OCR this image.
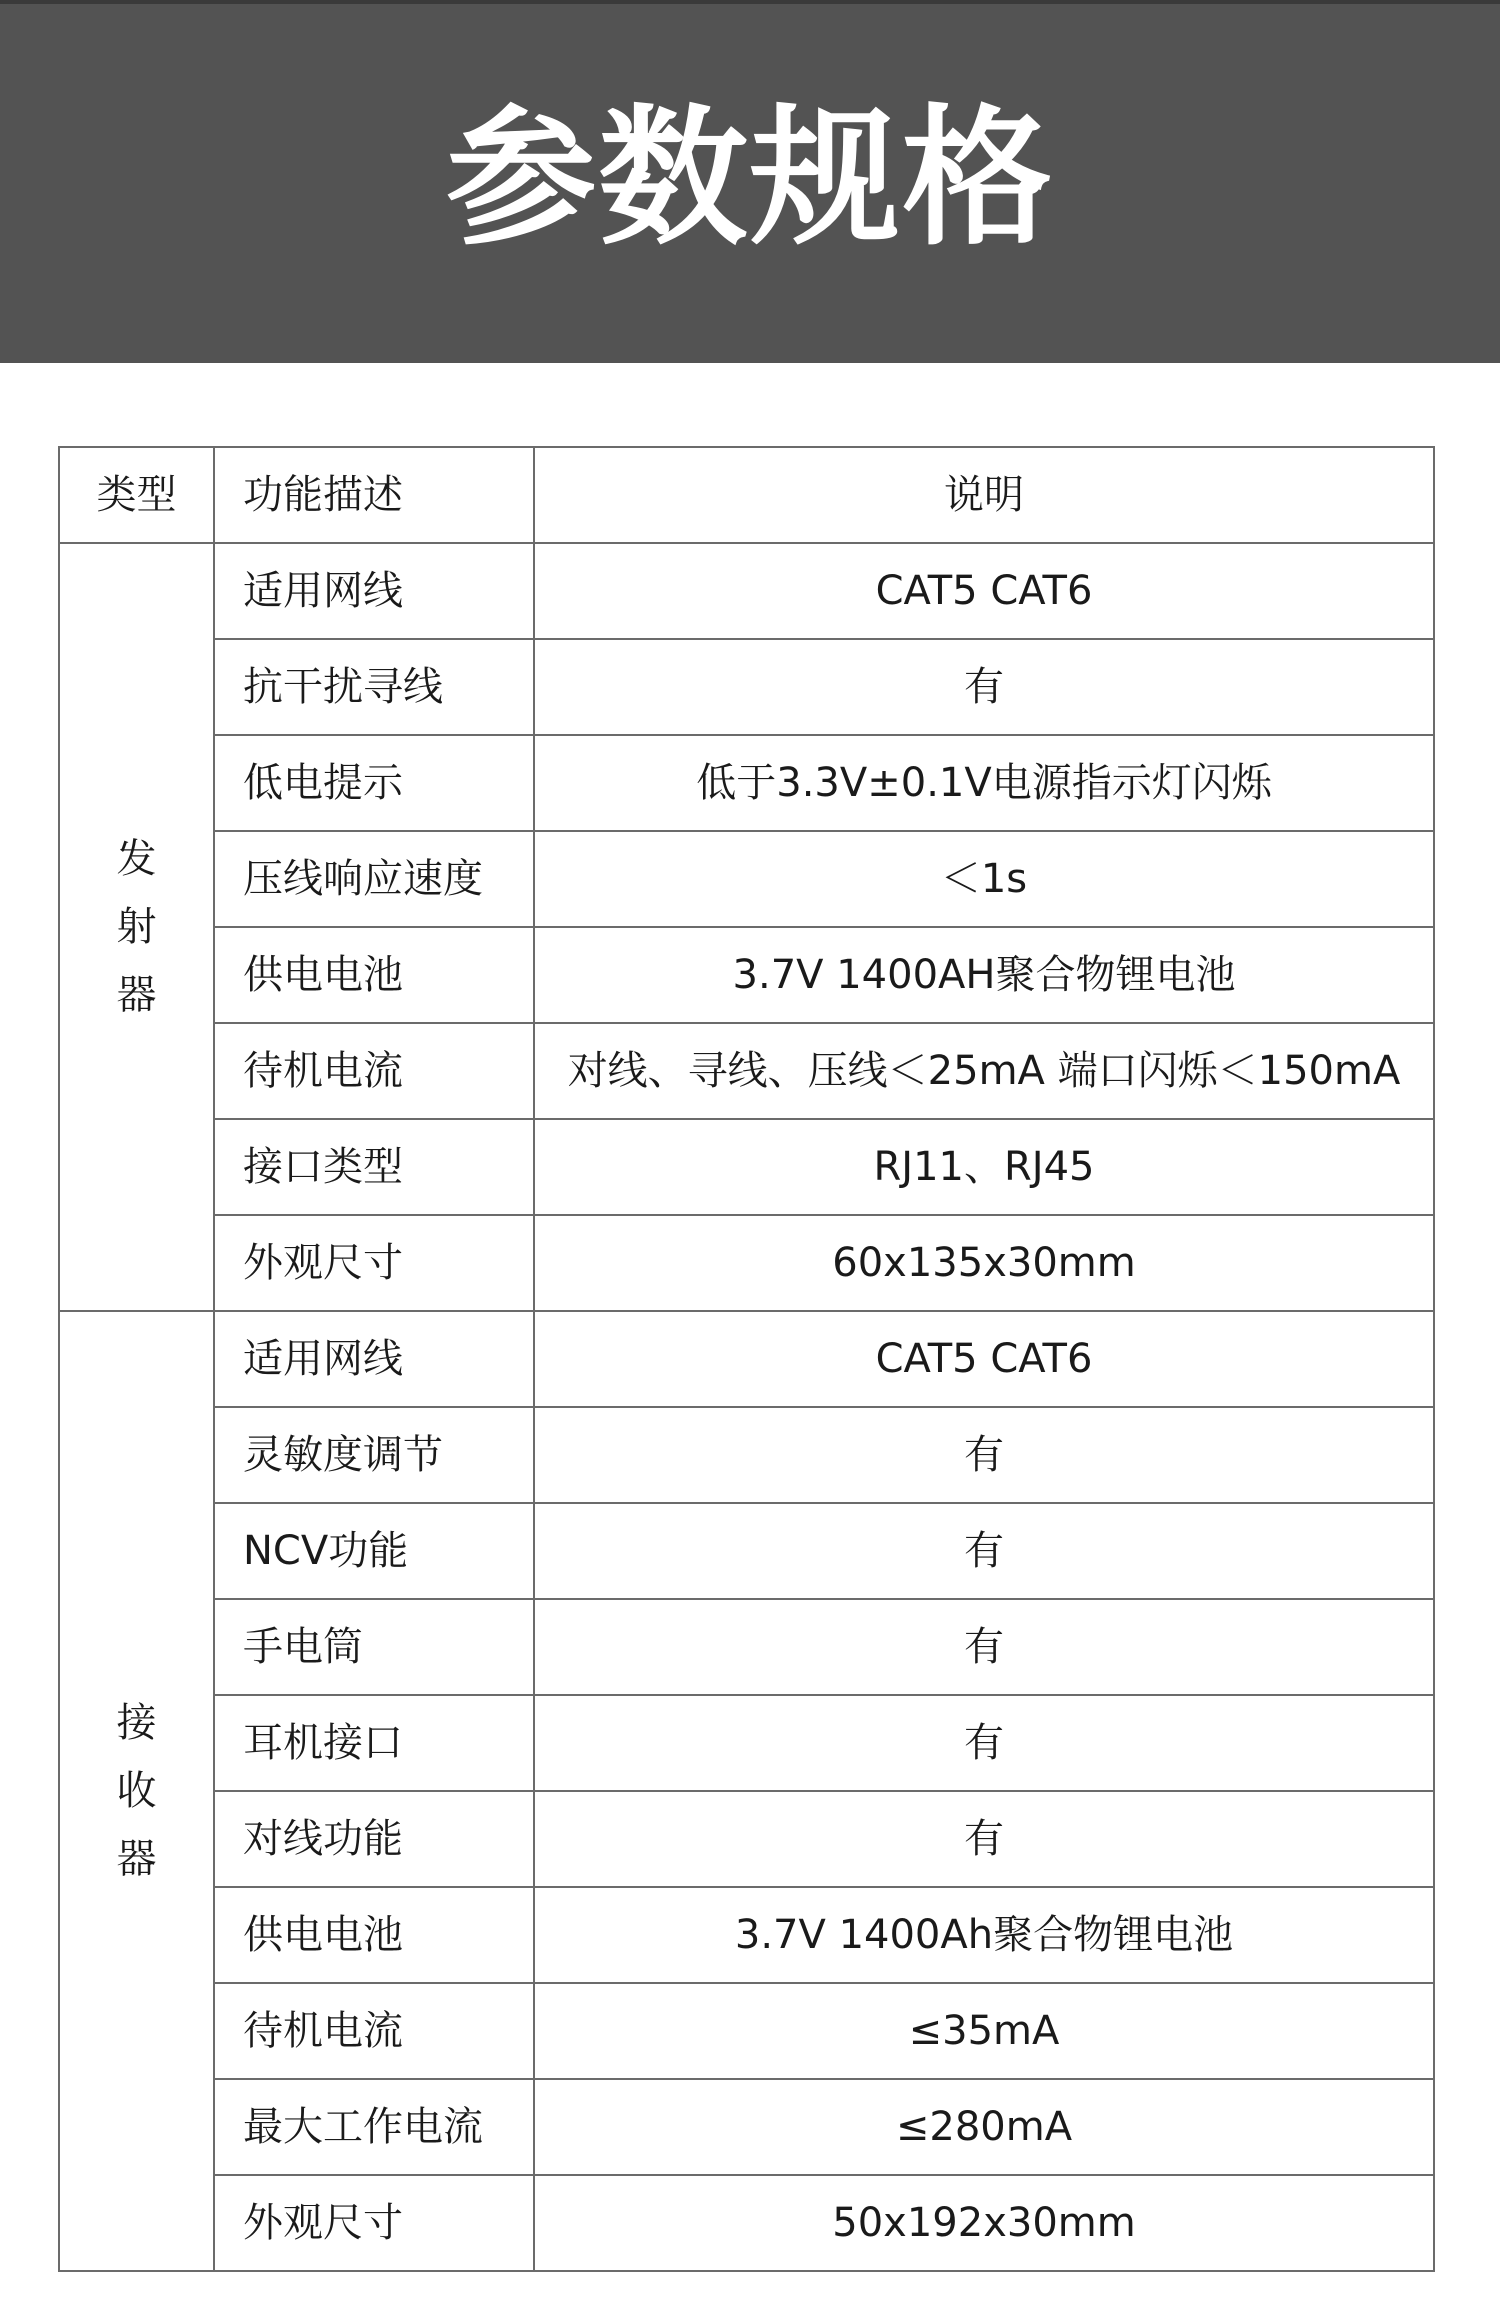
参数规格
类型	功能描述	说明
发射器	适用网线	CAT5 CAT6
	抗干扰寻线	有
	低电提示	低于3.3V±0.1V电源指示灯闪烁
	压线响应速度	＜1s
	供电电池	3.7V 1400AH聚合物锂电池
	待机电流	对线、寻线、压线＜25mA 端口闪烁＜150mA
	接口类型	RJ11、RJ45
	外观尺寸	60x135x30mm
接收器	适用网线	CAT5 CAT6
	灵敏度调节	有
	NCV功能	有
	手电筒	有
	耳机接口	有
	对线功能	有
	供电电池	3.7V 1400Ah聚合物锂电池
	待机电流	≤35mA
	最大工作电流	≤280mA
	外观尺寸	50x192x30mm
